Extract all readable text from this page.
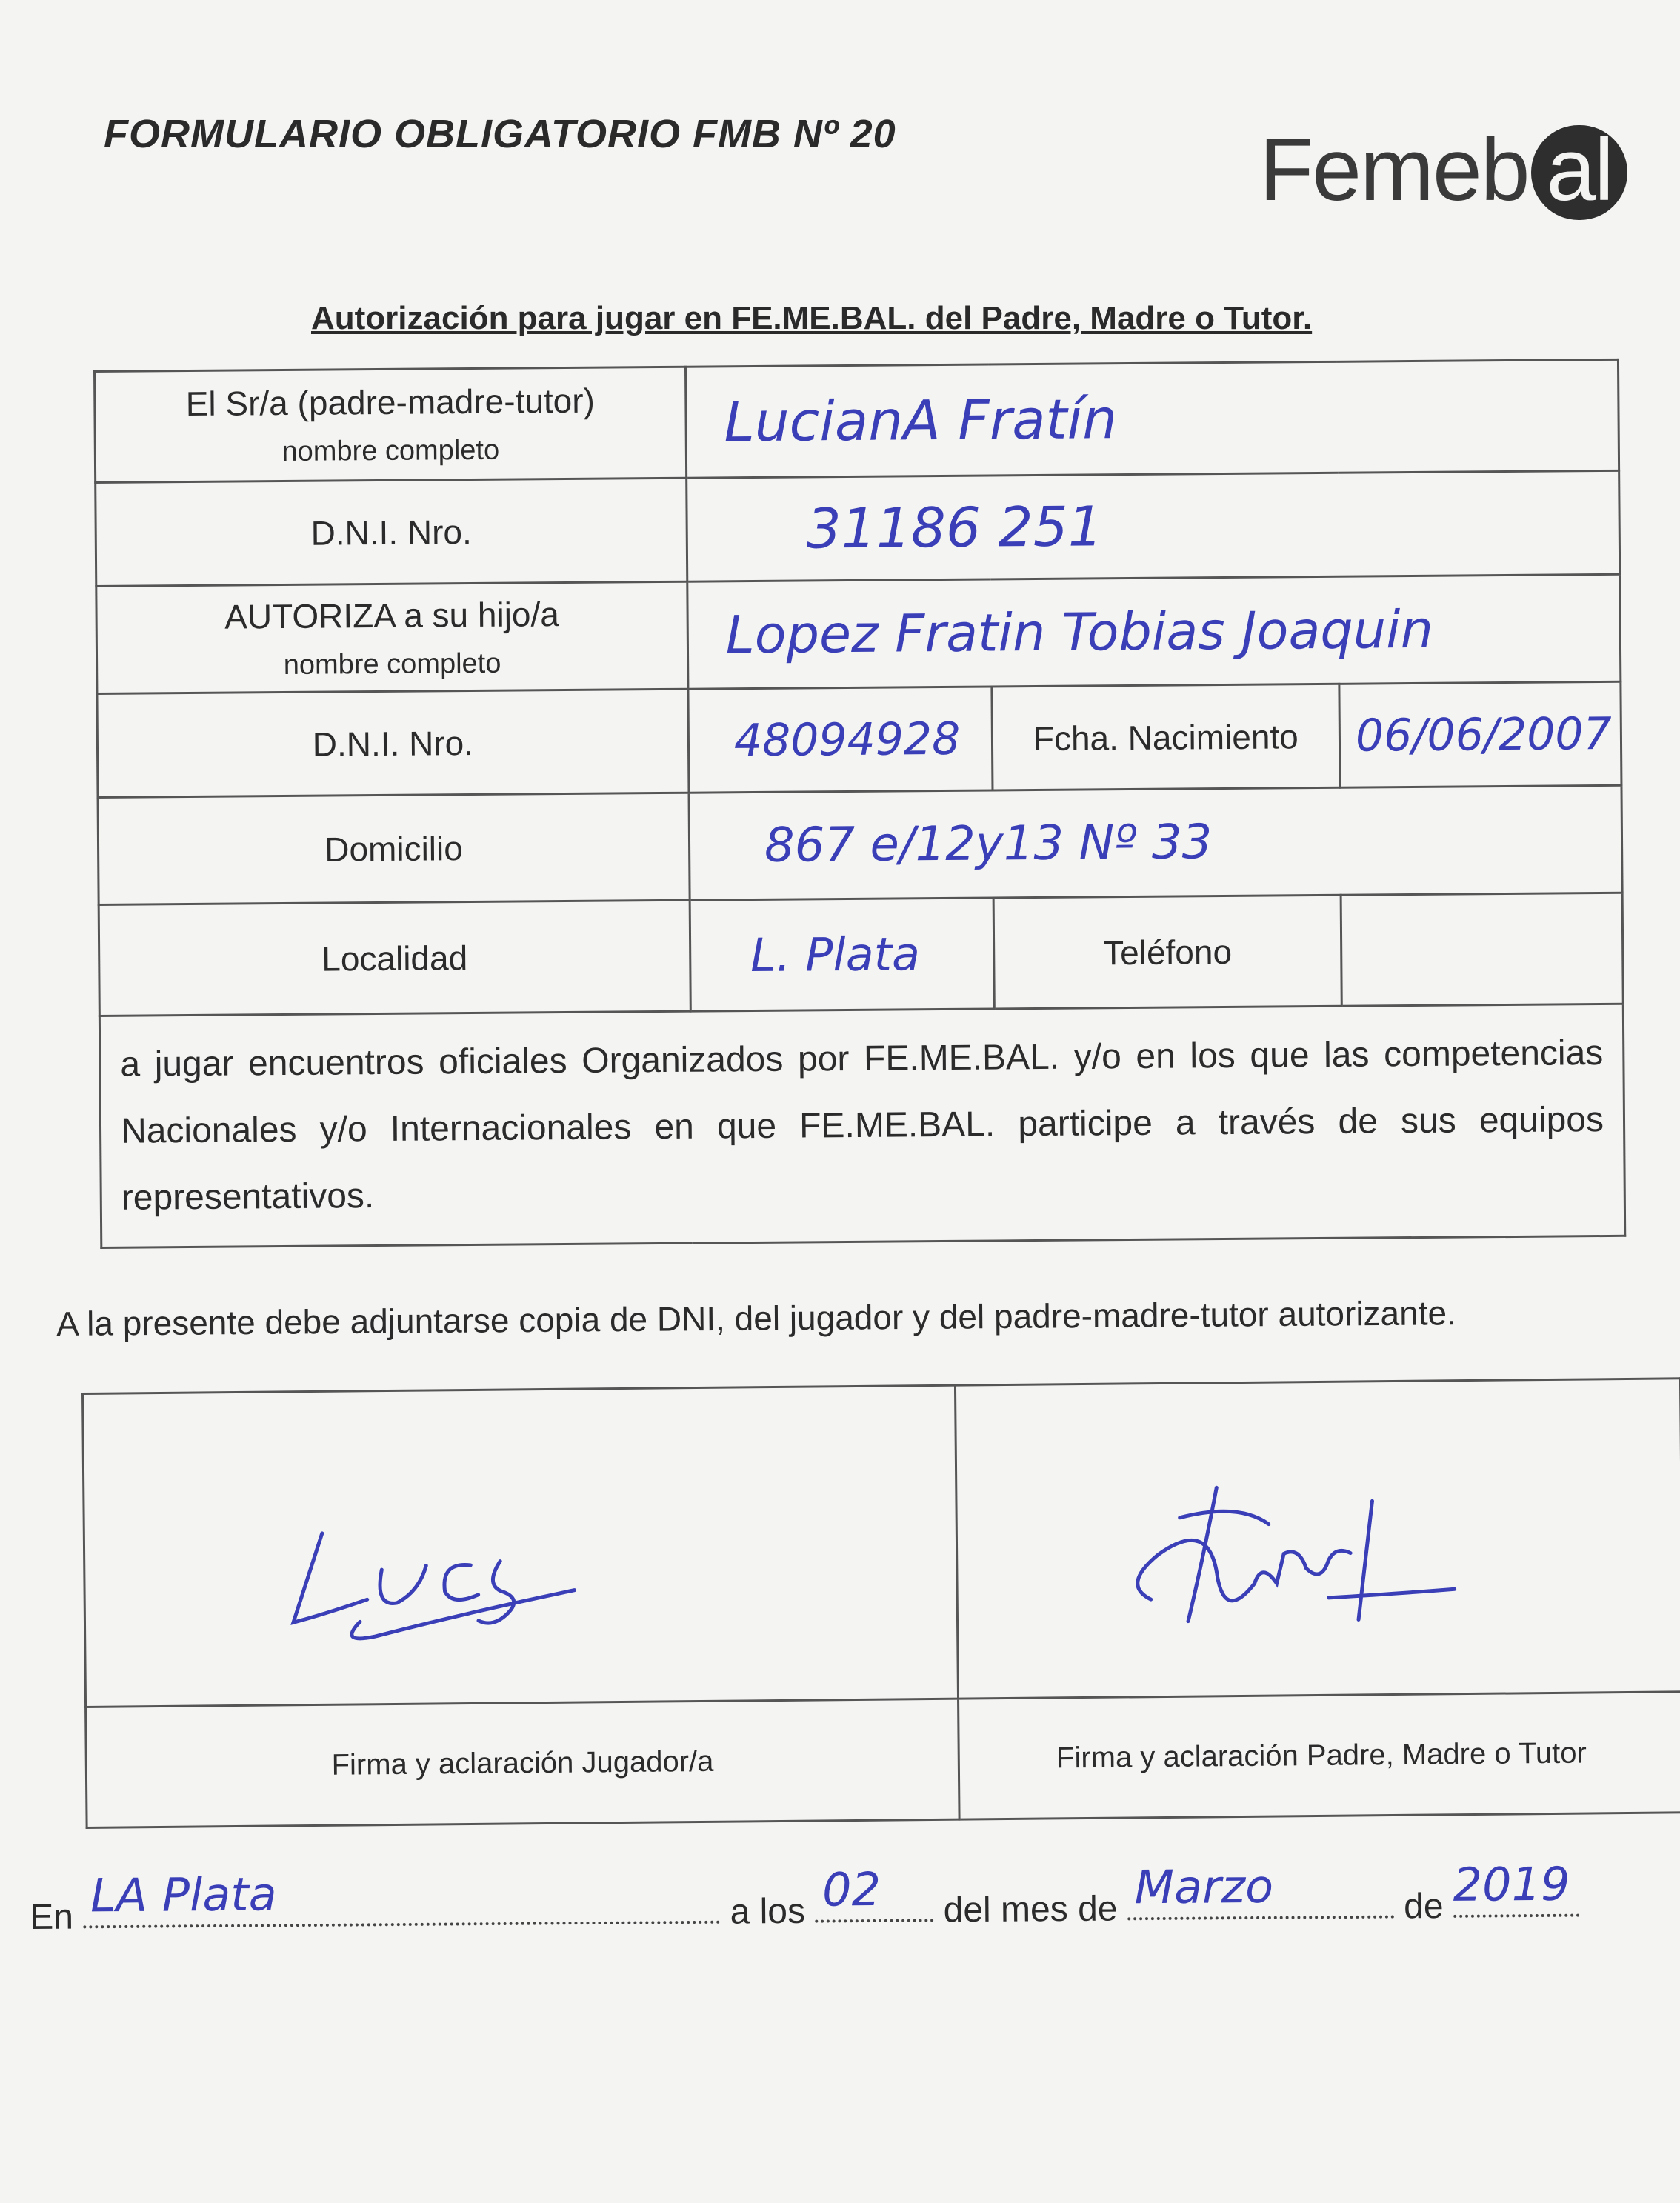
FORMULARIO OBLIGATORIO FMB Nº 20	Femeb al
Autorización para jugar en FE.ME.BAL. del Padre, Madre o Tutor.
El Sr/a (padre-madre-tutor)
nombre completo	LucianA Fratín		
D.N.I. Nro.	31186 251		

AUTORIZA a su hijo/a
nombre completo	Lopez Fratin Tobias Joaquin		
D.N.I. Nro.	48094928	Fcha. Nacimiento	06/06/2007
Domicilio	867 e/12y13 Nº 33		
Localidad	L. Plata	Teléfono	
a jugar encuentros oficiales Organizados por FE.ME.BAL. y/o en los que las competencias Nacionales y/o Internacionales en que FE.ME.BAL. participe a través de sus equipos representativos.			
A la presente debe adjuntarse copia de DNI, del jugador y del padre-madre-tutor autorizante.

Firma y aclaración Jugador/a	Firma y aclaración Padre, Madre o Tutor
En LA Plata	a los 02 del mes de Marzo	de 2019
